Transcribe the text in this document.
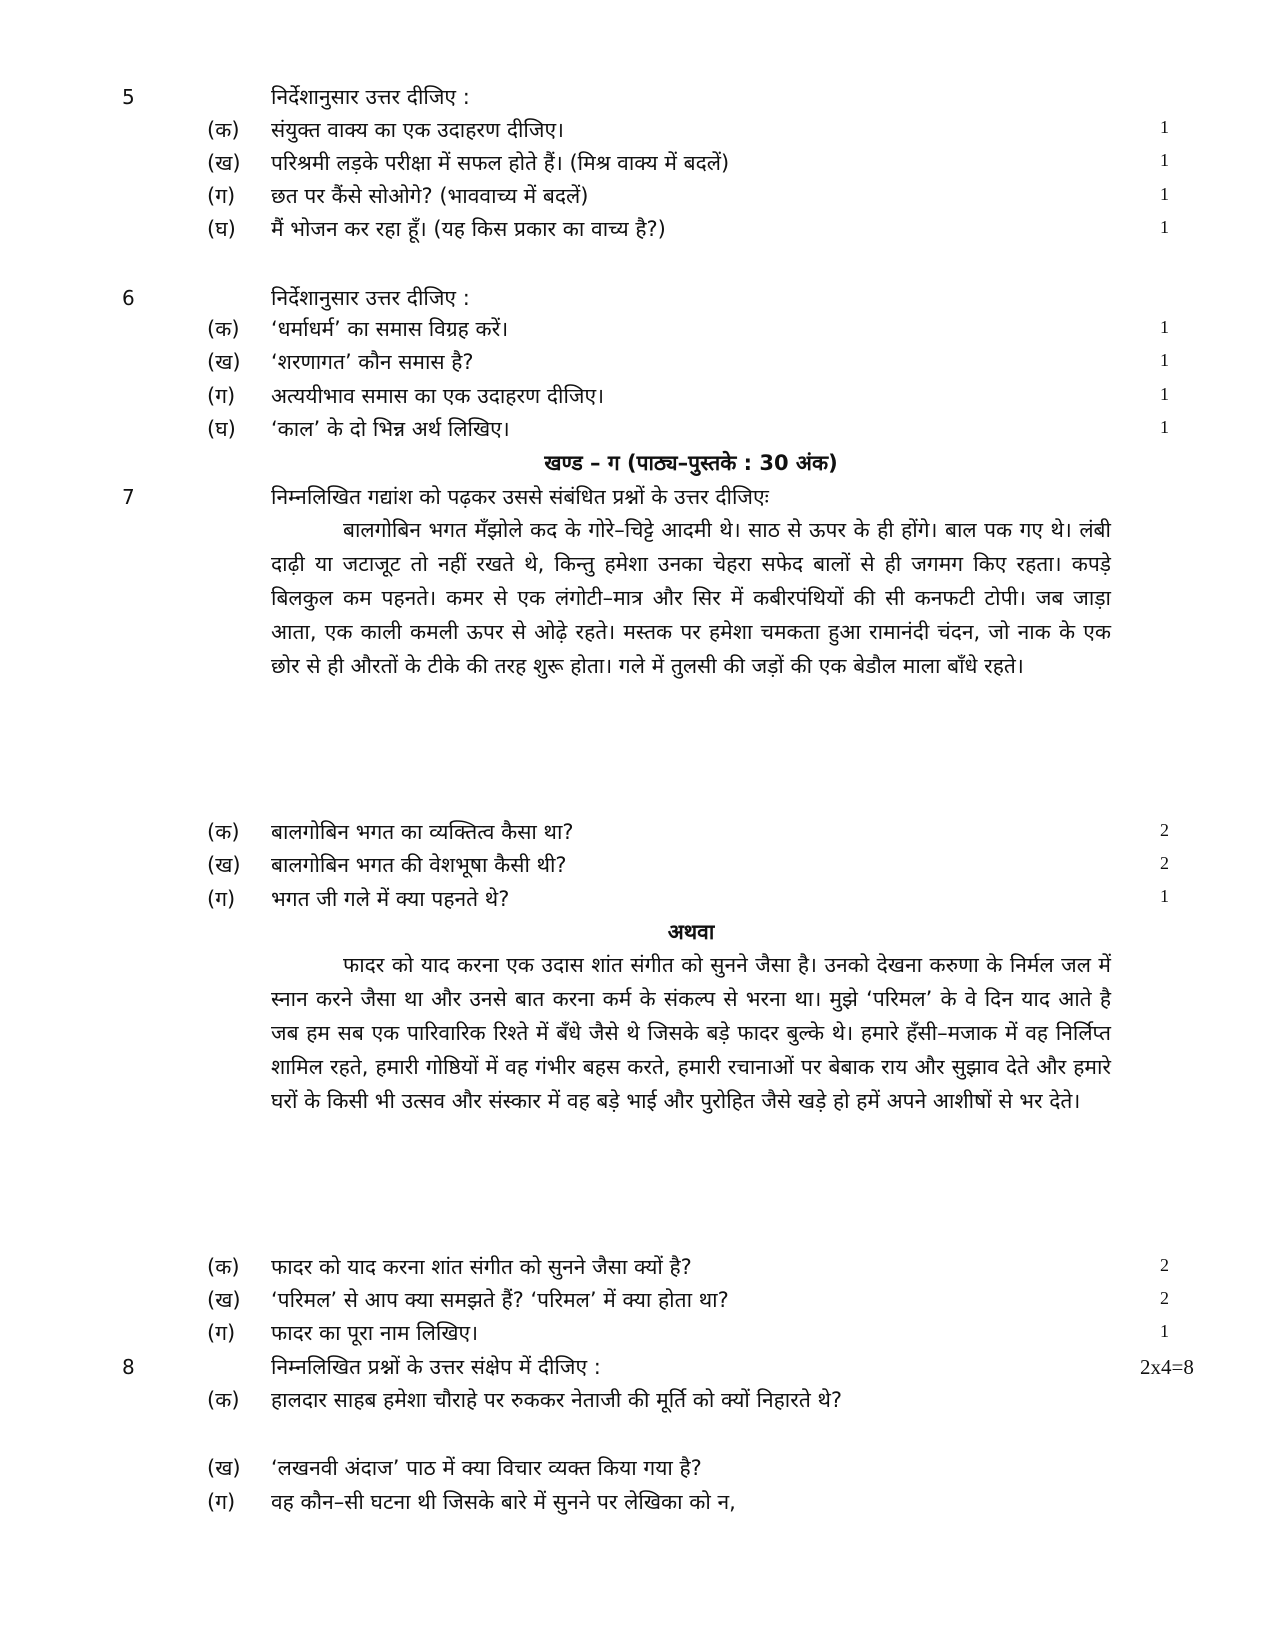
5	निर्देशानुसार उत्तर दीजिए :
(क) संयुक्त वाक्य का एक उदाहरण दीजिए।	1
(ख) परिश्रमी लड़के परीक्षा में सफल होते हैं। (मिश्र वाक्य में बदलें)	1
(ग) छत पर कैंसे सोओगे? (भाववाच्य में बदलें)	1
(घ) मैं भोजन कर रहा हूँ। (यह किस प्रकार का वाच्य है?)	1
6	निर्देशानुसार उत्तर दीजिए :
(क) ‘धर्माधर्म’ का समास विग्रह करें।	1
(ख) ‘शरणागत’ कौन समास है?	1
(ग) अत्ययीभाव समास का एक उदाहरण दीजिए।	1
(घ) ‘काल’ के दो भिन्न अर्थ लिखिए।	1
खण्ड – ग (पाठ्य–पुस्तके : 30 अंक)
7	निम्नलिखित गद्यांश को पढ़कर उससे संबंधित प्रश्नों के उत्तर दीजिएः

बालगोबिन भगत मँझोले कद के गोरे–चिट्टे आदमी थे। साठ से ऊपर के ही होंगे। बाल पक गए थे। लंबी दाढ़ी या जटाजूट तो नहीं रखते थे, किन्तु हमेशा उनका चेहरा सफेद बालों से ही जगमग किए रहता। कपड़े बिलकुल कम पहनते। कमर से एक लंगोटी–मात्र और सिर में कबीरपंथियों की सी कनफटी टोपी। जब जाड़ा आता, एक काली कमली ऊपर से ओढ़े रहते। मस्तक पर हमेशा चमकता हुआ रामानंदी चंदन, जो नाक के एक छोर से ही औरतों के टीके की तरह शुरू होता। गले में तुलसी की जड़ों की एक बेडौल माला बाँधे रहते।

(क) बालगोबिन भगत का व्यक्तित्व कैसा था?	2
(ख) बालगोबिन भगत की वेशभूषा कैसी थी?	2
(ग) भगत जी गले में क्या पहनते थे?	1
अथवा

फादर को याद करना एक उदास शांत संगीत को सुनने जैसा है। उनको देखना करुणा के निर्मल जल में स्नान करने जैसा था और उनसे बात करना कर्म के संकल्प से भरना था। मुझे ‘परिमल’ के वे दिन याद आते है जब हम सब एक पारिवारिक रिश्ते में बँधे जैसे थे जिसके बड़े फादर बुल्के थे। हमारे हँसी–मजाक में वह निर्लिप्त शामिल रहते, हमारी गोष्ठियों में वह गंभीर बहस करते, हमारी रचानाओं पर बेबाक राय और सुझाव देते और हमारे घरों के किसी भी उत्सव और संस्कार में वह बड़े भाई और पुरोहित जैसे खड़े हो हमें अपने आशीषों से भर देते।

(क) फादर को याद करना शांत संगीत को सुनने जैसा क्यों है?	2
(ख) ‘परिमल’ से आप क्या समझते हैं? ‘परिमल’ में क्या होता था?	2
(ग) फादर का पूरा नाम लिखिए।	1
8	निम्नलिखित प्रश्नों के उत्तर संक्षेप में दीजिए :	2x4=8
(क) हालदार साहब हमेशा चौराहे पर रुककर नेताजी की मूर्ति को क्यों निहारते थे?
(ख) ‘लखनवी अंदाज’ पाठ में क्या विचार व्यक्त किया गया है?
(ग) वह कौन–सी घटना थी जिसके बारे में सुनने पर लेखिका को न,
